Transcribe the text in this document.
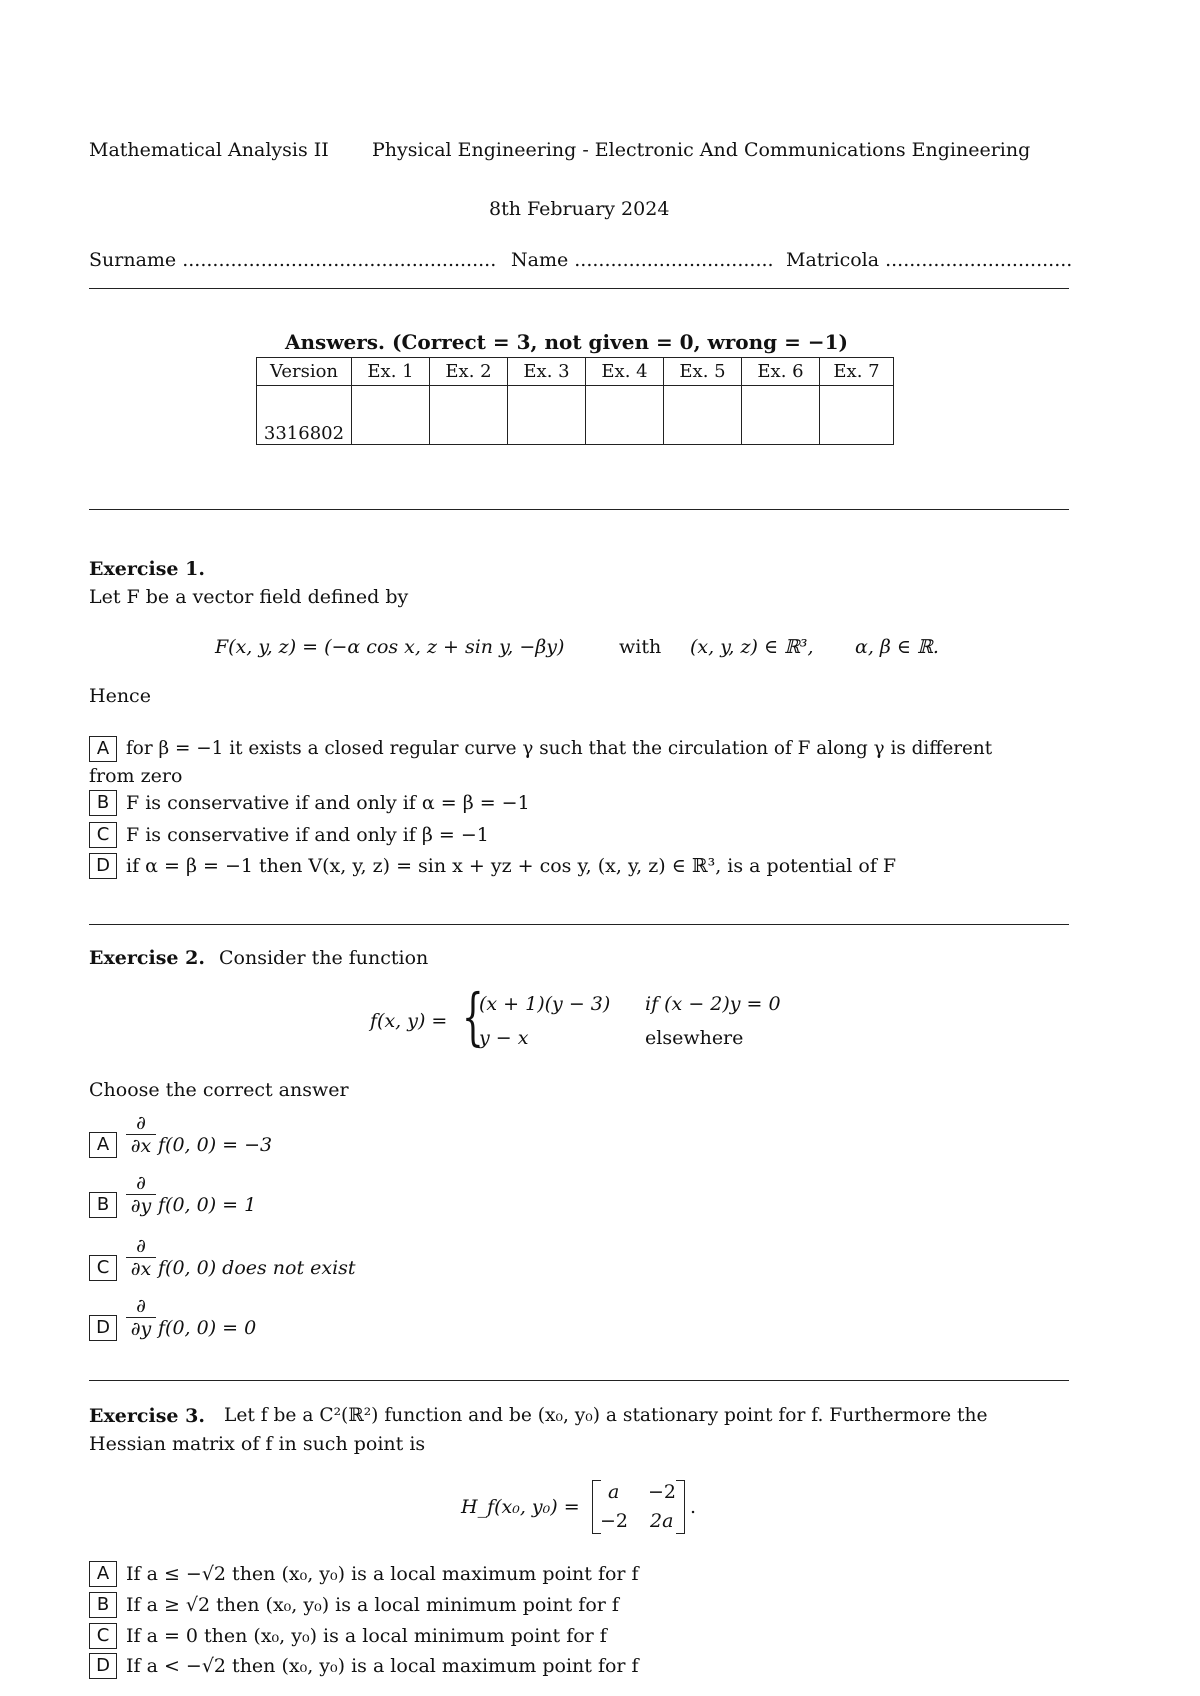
Mathematical Analysis II Physical Engineering - Electronic And Communications Engineering
8th February 2024
Surname .................................................... Name ................................. Matricola ...............................
Answers. (Correct = 3, not given = 0, wrong = −1)
Version	Ex. 1	Ex. 2	Ex. 3	Ex. 4	Ex. 5	Ex. 6	Ex. 7
3316802							
Exercise 1.
Let F be a vector field defined by
F(x, y, z) = (−α cos x, z + sin y, −βy)	with (x, y, z) ∈ ℝ³, α, β ∈ ℝ.
Hence
A for β = −1 it exists a closed regular curve γ such that the circulation of F along γ is different
from zero
B F is conservative if and only if α = β = −1
C F is conservative if and only if β = −1
D if α = β = −1 then V(x, y, z) = sin x + yz + cos y, (x, y, z) ∈ ℝ³, is a potential of F
Exercise 2. Consider the function
f(x, y) = {
(x + 1)(y − 3) if (x − 2)y = 0
y − x	elsewhere
Choose the correct answer
A
∂
∂x f(0, 0) = −3
B
∂
∂y f(0, 0) = 1
C
∂
∂x f(0, 0) does not exist
D
∂
∂y f(0, 0) = 0
Exercise 3. Let f be a C²(ℝ²) function and be (x₀, y₀) a stationary point for f. Furthermore the
Hessian matrix of f in such point is
H_f(x₀, y₀) =
a −2
−2 2a
.
A If a ≤ −√2 then (x₀, y₀) is a local maximum point for f
B If a ≥ √2 then (x₀, y₀) is a local minimum point for f
C If a = 0 then (x₀, y₀) is a local minimum point for f
D If a < −√2 then (x₀, y₀) is a local maximum point for f
